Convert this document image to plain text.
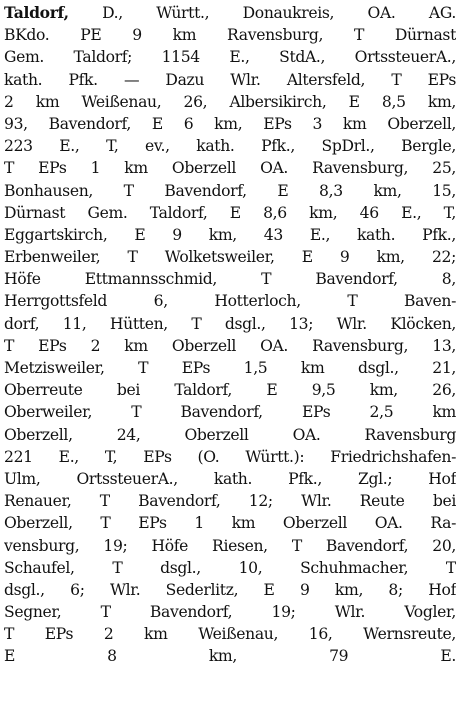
Taldorf, D., Württ., Donaukreis, OA. AG.
BKdo. PE 9 km Ravensburg, T Dürnast
Gem. Taldorf; 1154 E., StdA., OrtssteuerA.,
kath. Pfk. — Dazu Wlr. Altersfeld, T EPs
2 km Weißenau, 26, Albersikirch, E 8,5 km,
93, Bavendorf, E 6 km, EPs 3 km Oberzell,
223 E., T, ev., kath. Pfk., SpDrl., Bergle,
T EPs 1 km Oberzell OA. Ravensburg, 25,
Bonhausen, T Bavendorf, E 8,3 km, 15,
Dürnast Gem. Taldorf, E 8,6 km, 46 E., T,
Eggartskirch, E 9 km, 43 E., kath. Pfk.,
Erbenweiler, T Wolketsweiler, E 9 km, 22;
Höfe Ettmannsschmid, T Bavendorf, 8,
Herrgottsfeld 6, Hotterloch, T Baven-
dorf, 11, Hütten, T dsgl., 13; Wlr. Klöcken,
T EPs 2 km Oberzell OA. Ravensburg, 13,
Metzisweiler, T EPs 1,5 km dsgl., 21,
Oberreute bei Taldorf, E 9,5 km, 26,
Oberweiler, T Bavendorf, EPs 2,5 km
Oberzell, 24, Oberzell OA. Ravensburg
221 E., T, EPs (O. Württ.): Friedrichshafen-
Ulm, OrtssteuerA., kath. Pfk., Zgl.; Hof
Renauer, T Bavendorf, 12; Wlr. Reute bei
Oberzell, T EPs 1 km Oberzell OA. Ra-
vensburg, 19; Höfe Riesen, T Bavendorf, 20,
Schaufel, T dsgl., 10, Schuhmacher, T
dsgl., 6; Wlr. Sederlitz, E 9 km, 8; Hof
Segner, T Bavendorf, 19; Wlr. Vogler,
T EPs 2 km Weißenau, 16, Wernsreute,
E 8 km, 79 E.
